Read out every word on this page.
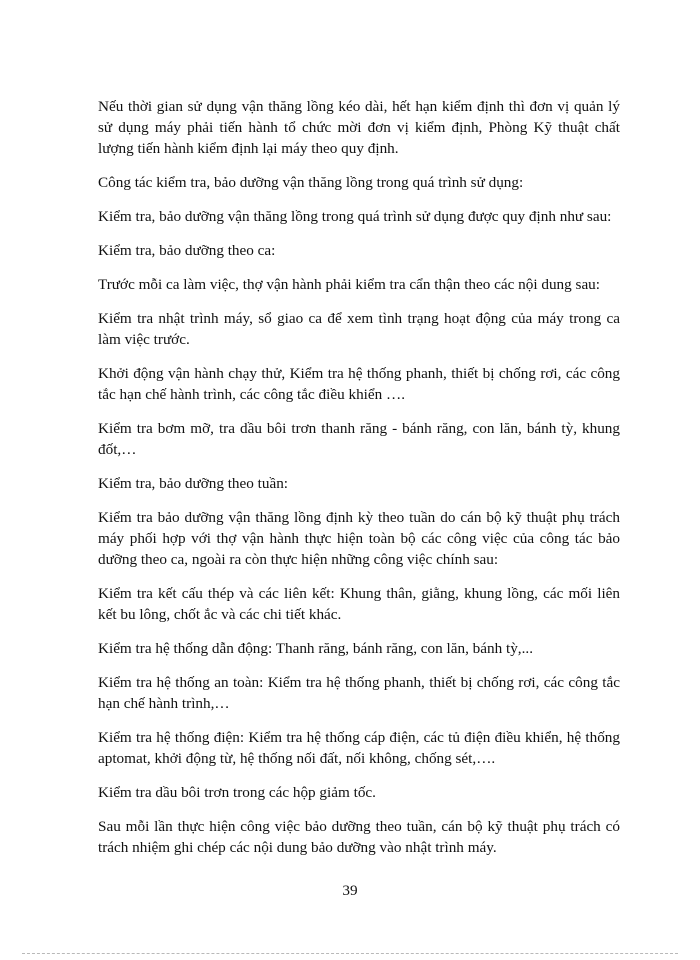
Nếu thời gian sử dụng vận thăng lồng kéo dài, hết hạn kiểm định thì đơn vị quản lý sử dụng máy phải tiến hành tổ chức mời đơn vị kiểm định, Phòng Kỹ thuật chất lượng tiến hành kiểm định lại máy theo quy định.

Công tác kiểm tra, bảo dưỡng vận thăng lồng trong quá trình sử dụng:

Kiểm tra, bảo dưỡng vận thăng lồng trong quá trình sử dụng được quy định như sau:

Kiểm tra, bảo dưỡng theo ca:

Trước mỗi ca làm việc, thợ vận hành phải kiểm tra cẩn thận theo các nội dung sau:

Kiểm tra nhật trình máy, sổ giao ca để xem tình trạng hoạt động của máy trong ca làm việc trước.

Khởi động vận hành chạy thử, Kiểm tra hệ thống phanh, thiết bị chống rơi, các công tắc hạn chế hành trình, các công tắc điều khiển ….

Kiểm tra bơm mỡ, tra dầu bôi trơn thanh răng - bánh răng, con lăn, bánh tỳ, khung đốt,…

Kiểm tra, bảo dưỡng theo tuần:

Kiểm tra bảo dưỡng vận thăng lồng định kỳ theo tuần do cán bộ kỹ thuật phụ trách máy phối hợp với thợ vận hành thực hiện toàn bộ các công việc của công tác bảo dưỡng theo ca, ngoài ra còn thực hiện những công việc chính sau:

Kiểm tra kết cấu thép và các liên kết: Khung thân, giằng, khung lồng, các mối liên kết bu lông, chốt ắc và các chi tiết khác.

Kiểm tra hệ thống dẫn động: Thanh răng, bánh răng, con lăn, bánh tỳ,...

Kiểm tra hệ thống an toàn: Kiểm tra hệ thống phanh, thiết bị chống rơi, các công tắc hạn chế hành trình,…

Kiểm tra hệ thống điện: Kiểm tra hệ thống cáp điện, các tủ điện điều khiển, hệ thống aptomat, khởi động từ, hệ thống nối đất, nối không, chống sét,….

Kiểm tra dầu bôi trơn trong các hộp giảm tốc.

Sau mỗi lần thực hiện công việc bảo dưỡng theo tuần, cán bộ kỹ thuật phụ trách có trách nhiệm ghi chép các nội dung bảo dưỡng vào nhật trình máy.

39
